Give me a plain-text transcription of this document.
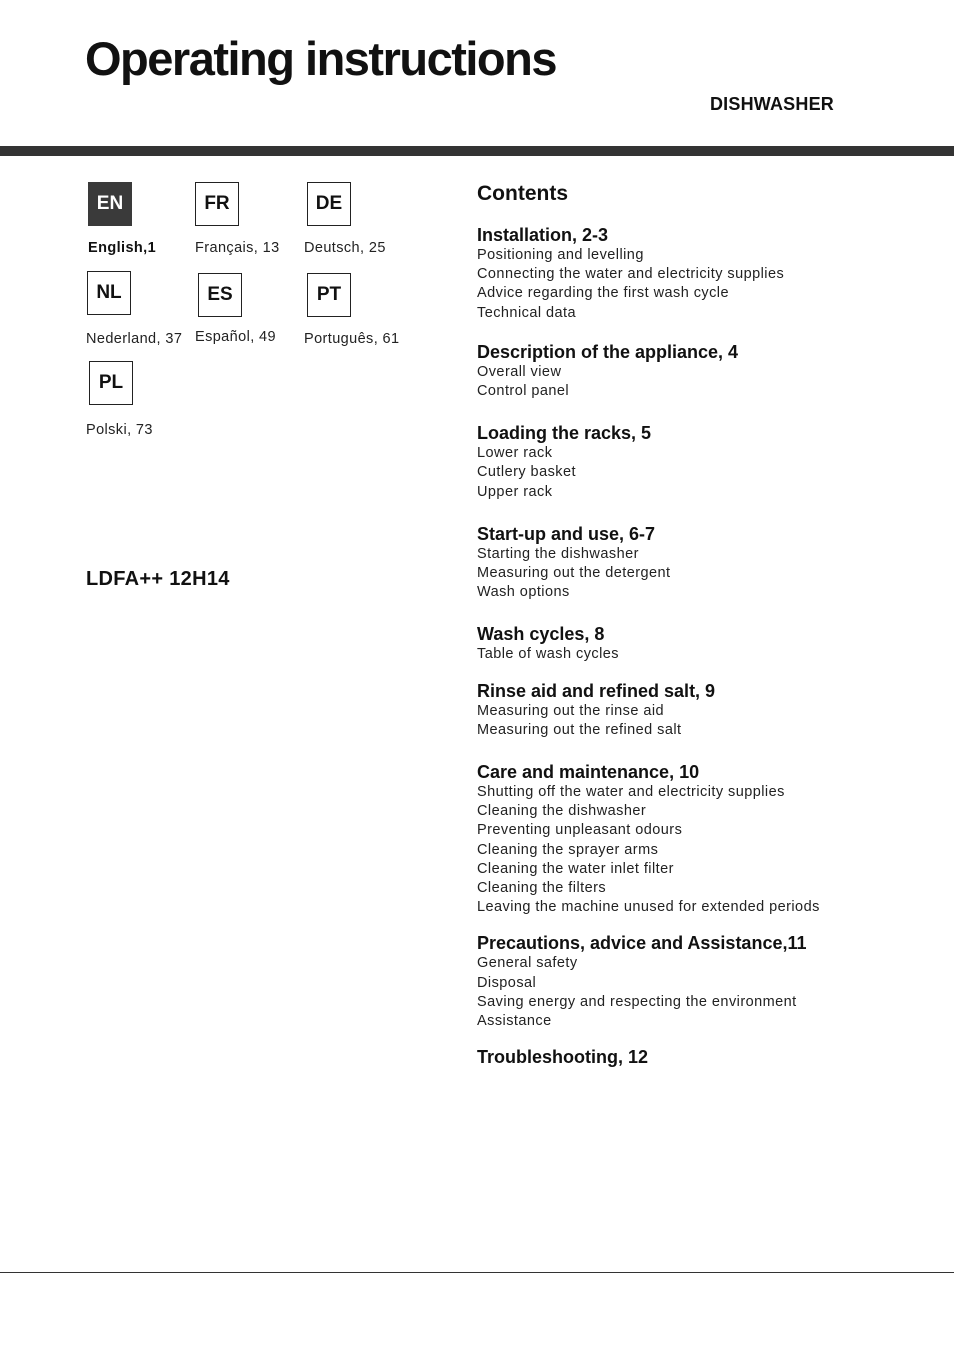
Operating instructions
DISHWASHER
EN
English,1
FR
Français, 13
DE
Deutsch, 25
NL
Nederland, 37
ES
Español, 49
PT
Português, 61
PL
Polski, 73
LDFA++ 12H14
Contents
Installation, 2-3
Positioning and levelling
Connecting the water and electricity supplies
Advice regarding the first wash cycle
Technical data
Description of the appliance, 4
Overall view
Control panel
Loading the racks, 5
Lower rack
Cutlery basket
Upper rack
Start-up and use, 6-7
Starting the dishwasher
Measuring out the detergent
Wash options
Wash cycles, 8
Table of wash cycles
Rinse aid and refined salt, 9
Measuring out the rinse aid
Measuring out the refined salt
Care and maintenance, 10
Shutting off the water and electricity supplies
Cleaning the dishwasher
Preventing unpleasant odours
Cleaning the sprayer arms
Cleaning the water inlet filter
Cleaning the filters
Leaving the machine unused for extended periods
Precautions, advice and Assistance,11
General safety
Disposal
Saving energy and respecting the environment
Assistance
Troubleshooting, 12
